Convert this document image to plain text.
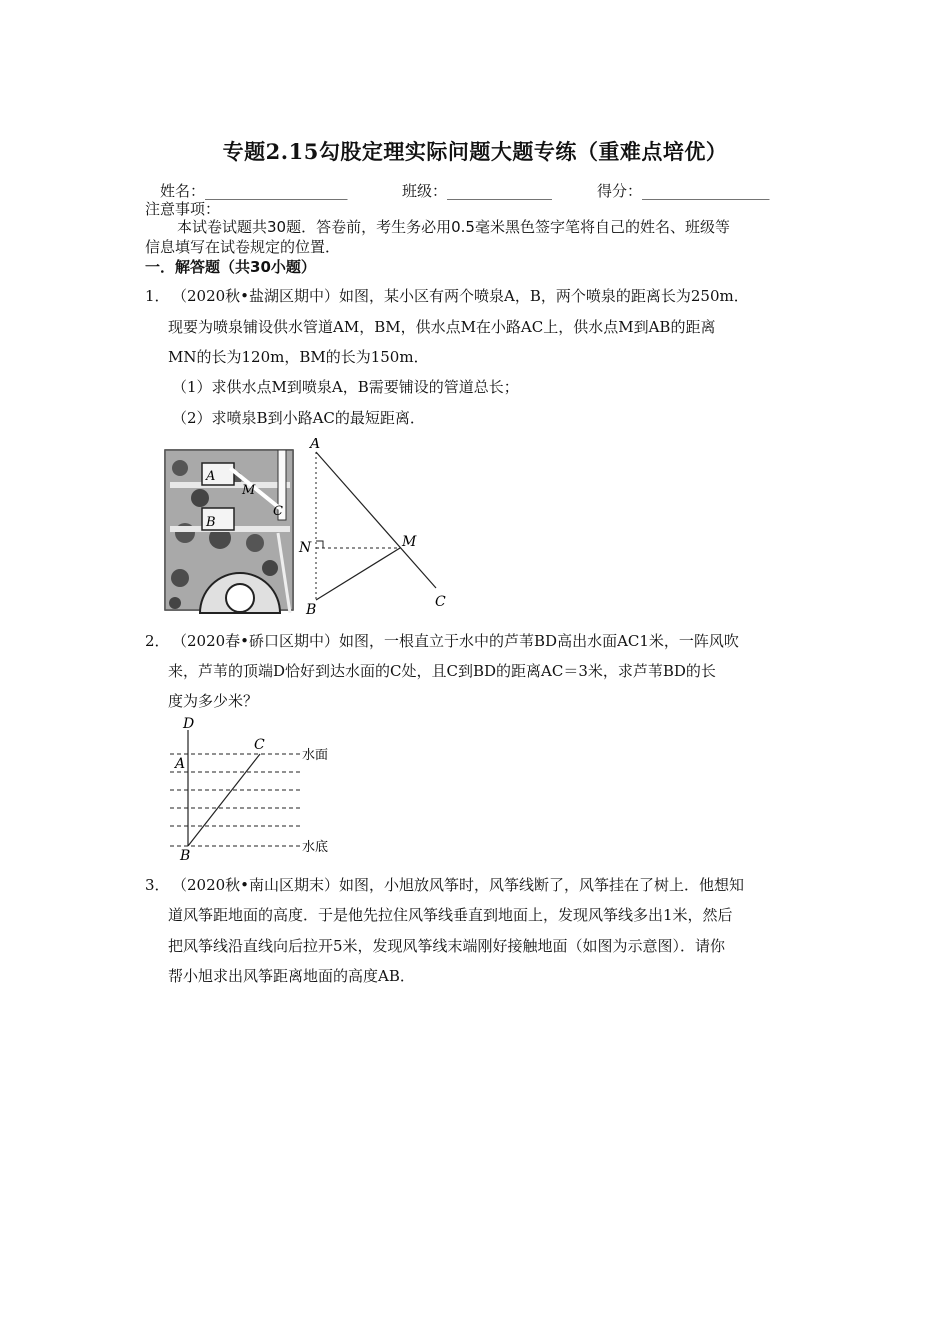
专题2.15勾股定理实际问题大题专练（重难点培优）
姓名：___________________	班级：______________	得分：_________________
注意事项：
本试卷试题共30题．答卷前，考生务必用0.5毫米黑色签字笔将自己的姓名、班级等
信息填写在试卷规定的位置．
一．解答题（共30小题）
1． （2020秋•盐湖区期中）如图，某小区有两个喷泉A，B，两个喷泉的距离长为250m．
现要为喷泉铺设供水管道AM，BM，供水点M在小路AC上，供水点M到AB的距离
MN的长为120m，BM的长为150m．
（1）求供水点M到喷泉A，B需要铺设的管道总长；
（2）求喷泉B到小路AC的最短距离．
A
B
M
C
A
B
N	M
C
2． （2020春•硚口区期中）如图，一根直立于水中的芦苇BD高出水面AC1米，一阵风吹
来，芦苇的顶端D恰好到达水面的C处，且C到BD的距离AC＝3米，求芦苇BD的长
度为多少米？
D
A
C
B
水面
水底
3． （2020秋•南山区期末）如图，小旭放风筝时，风筝线断了，风筝挂在了树上．他想知
道风筝距地面的高度．于是他先拉住风筝线垂直到地面上，发现风筝线多出1米，然后
把风筝线沿直线向后拉开5米，发现风筝线末端刚好接触地面（如图为示意图）．请你
帮小旭求出风筝距离地面的高度AB．
